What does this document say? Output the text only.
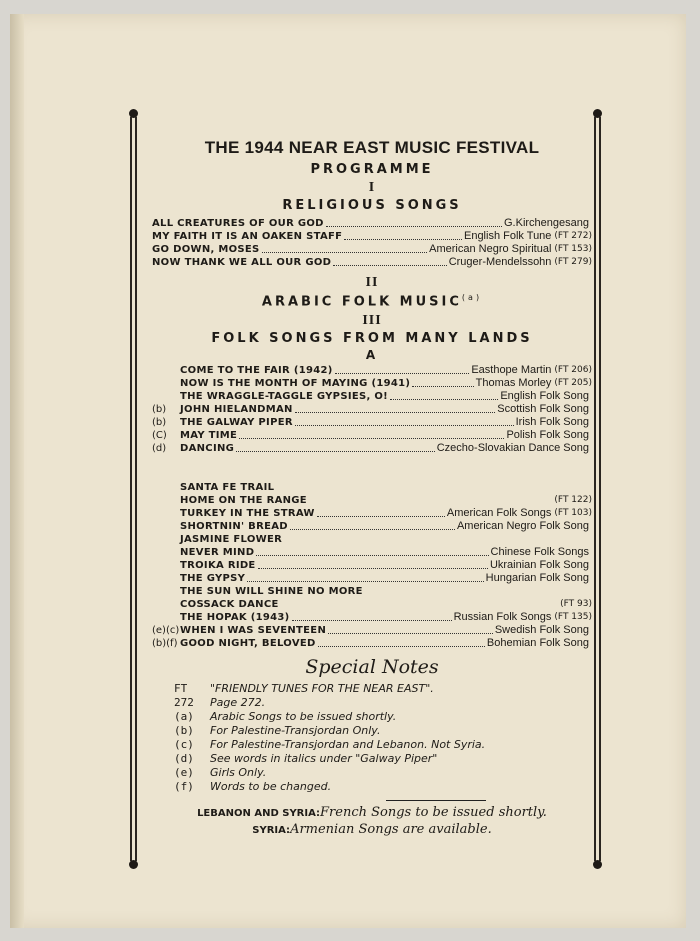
THE 1944 NEAR EAST MUSIC FESTIVAL
PROGRAMME
I
RELIGIOUS SONGS
ALL CREATURES OF OUR GOD	G.Kirchengesang
MY FAITH IT IS AN OAKEN STAFF	English Folk Tune (FT 272)
GO DOWN, MOSES	American Negro Spiritual (FT 153)
NOW THANK WE ALL OUR GOD	Cruger-Mendelssohn (FT 279)
II
ARABIC FOLK MUSIC$^{(a)}$
III
FOLK SONGS FROM MANY LANDS
A
COME TO THE FAIR (1942)	Easthope Martin (FT 206)
NOW IS THE MONTH OF MAYING (1941)	Thomas Morley (FT 205)
THE WRAGGLE-TAGGLE GYPSIES, O!	English Folk Song
(b)	JOHN HIELANDMAN	Scottish Folk Song
(b)	THE GALWAY PIPER	Irish Folk Song
(C)	MAY TIME	Polish Folk Song
(d)	DANCING	Czecho-Slovakian Dance Song
SANTA FE TRAIL
HOME ON THE RANGE	(FT 122)
TURKEY IN THE STRAW	American Folk Songs (FT 103)
SHORTNIN' BREAD	American Negro Folk Song
JASMINE FLOWER
NEVER MIND	Chinese Folk Songs
TROIKA RIDE	Ukrainian Folk Song
THE GYPSY	Hungarian Folk Song
THE SUN WILL SHINE NO MORE
COSSACK DANCE	(FT 93)
THE HOPAK (1943)	Russian Folk Songs (FT 135)
(e)(c) WHEN I WAS SEVENTEEN	Swedish Folk Song
(b)(f) GOOD NIGHT, BELOVED	Bohemian Folk Song
Special Notes
FT	"FRIENDLY TUNES FOR THE NEAR EAST".
272	Page 272.
(a)	Arabic Songs to be issued shortly.
(b)	For Palestine-Transjordan Only.
(c)	For Palestine-Transjordan and Lebanon. Not Syria.
(d)	See words in italics under "Galway Piper"
(e)	Girls Only.
(f)	Words to be changed.
LEBANON AND SYRIA:French Songs to be issued shortly.
SYRIA:Armenian Songs are available.
